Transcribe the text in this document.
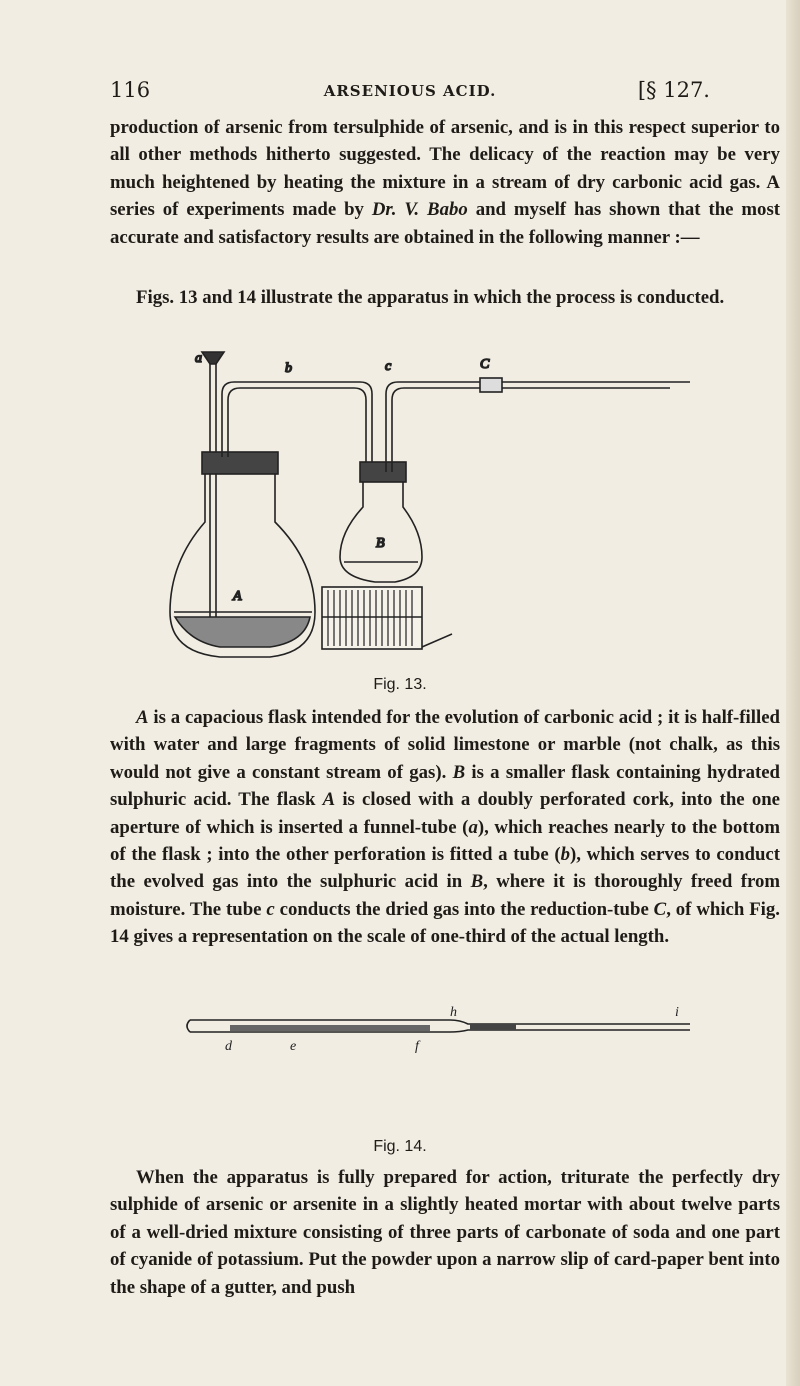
116	ARSENIOUS ACID.	[§ 127.

production of arsenic from tersulphide of arsenic, and is in this respect superior to all other methods hitherto suggested. The delicacy of the reaction may be very much heightened by heating the mixture in a stream of dry carbonic acid gas. A series of experiments made by Dr. V. Babo and myself has shown that the most accurate and satisfactory results are obtained in the following manner :—

Figs. 13 and 14 illustrate the apparatus in which the process is conducted.

A
a
b
B
c	C
Fig. 13.

A is a capacious flask intended for the evolution of carbonic acid ; it is half-filled with water and large fragments of solid limestone or marble (not chalk, as this would not give a constant stream of gas). B is a smaller flask containing hydrated sulphuric acid. The flask A is closed with a doubly perforated cork, into the one aperture of which is inserted a funnel-tube (a), which reaches nearly to the bottom of the flask ; into the other perforation is fitted a tube (b), which serves to conduct the evolved gas into the sulphuric acid in B, where it is thoroughly freed from moisture. The tube c conducts the dried gas into the reduction-tube C, of which Fig. 14 gives a representation on the scale of one-third of the actual length.

h	i
d	e	f
Fig. 14.

When the apparatus is fully prepared for action, triturate the perfectly dry sulphide of arsenic or arsenite in a slightly heated mortar with about twelve parts of a well-dried mixture consisting of three parts of carbonate of soda and one part of cyanide of potassium. Put the powder upon a narrow slip of card-paper bent into the shape of a gutter, and push
